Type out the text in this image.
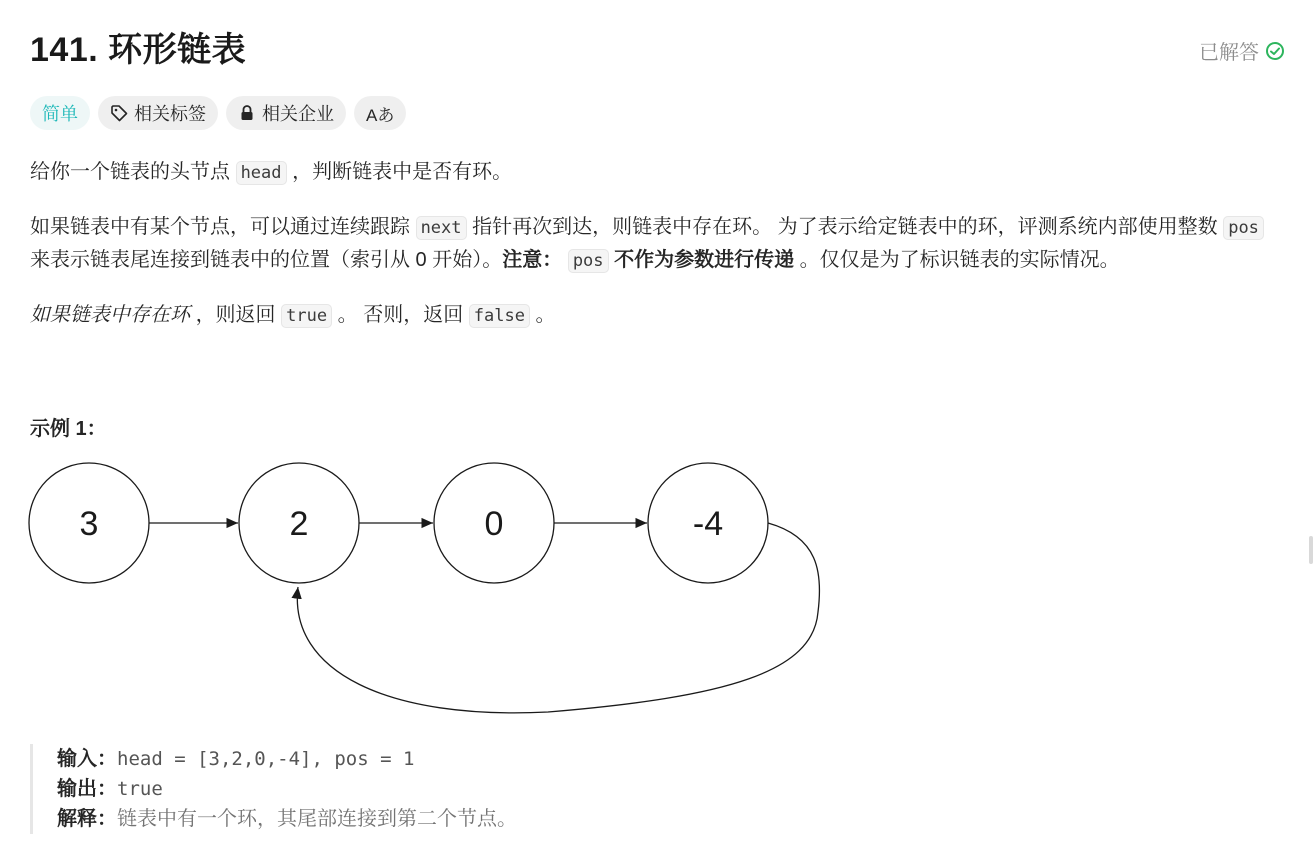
141. 环形链表	已解答
简单	相关标签	相关企业 Aあ
给你一个链表的头节点 head ，判断链表中是否有环。
如果链表中有某个节点，可以通过连续跟踪 next 指针再次到达，则链表中存在环。 为了表示给定链表中的环，评测系统内部使用整数 pos 来表示链表尾连接到链表中的位置（索引从 0 开始）。注意： pos 不作为参数进行传递 。仅仅是为了标识链表的实际情况。
如果链表中存在环 ，则返回 true 。 否则，返回 false 。
示例 1：
3	2	0	-4
输入：head = [3,2,0,-4], pos = 1
输出：true
解释：链表中有一个环，其尾部连接到第二个节点。
